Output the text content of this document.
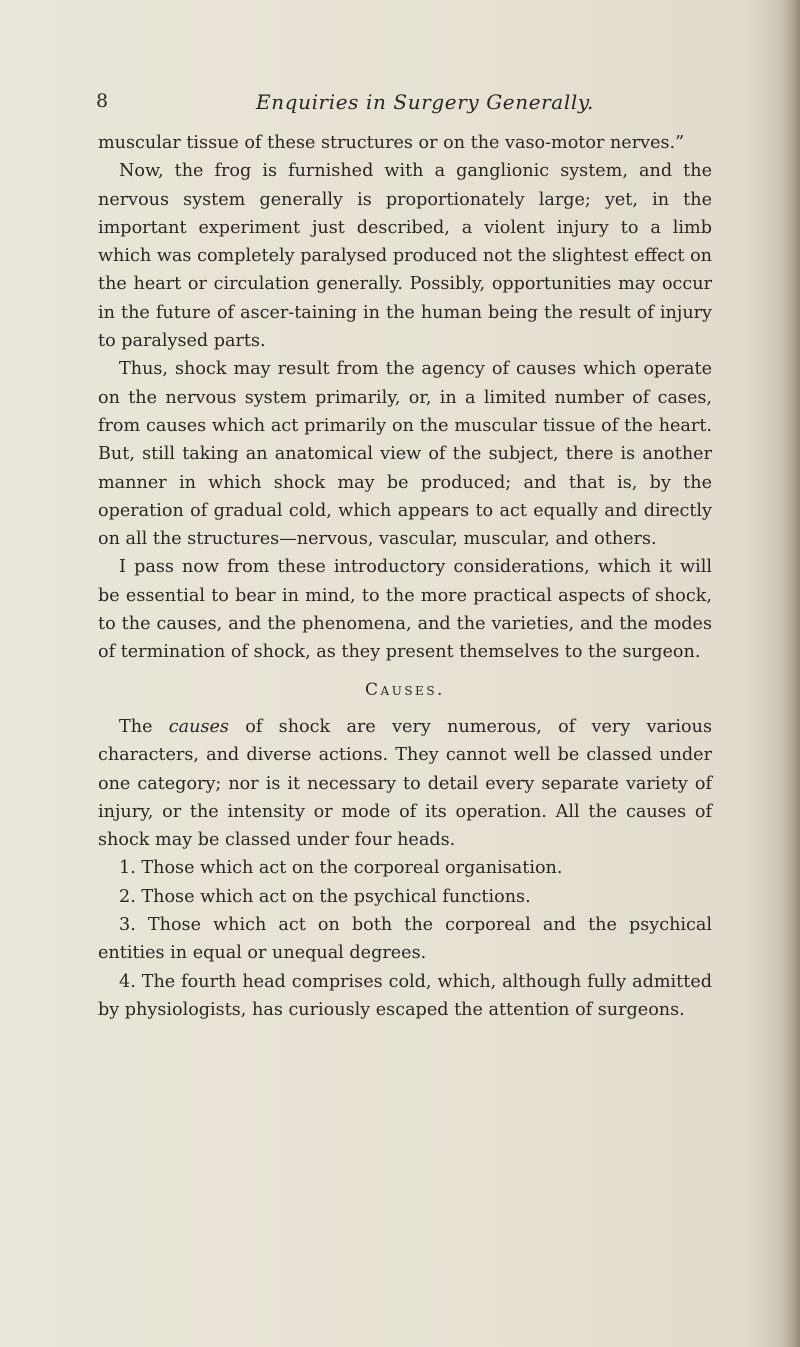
8	Enquiries in Surgery Generally.

muscular tissue of these structures or on the vaso-motor nerves.”

Now, the frog is furnished with a ganglionic system, and the nervous system generally is proportionately large; yet, in the important experiment just described, a violent injury to a limb which was completely paralysed produced not the slightest effect on the heart or circulation generally. Possibly, opportunities may occur in the future of ascer-taining in the human being the result of injury to paralysed parts.

Thus, shock may result from the agency of causes which operate on the nervous system primarily, or, in a limited number of cases, from causes which act primarily on the muscular tissue of the heart. But, still taking an anatomical view of the subject, there is another manner in which shock may be produced; and that is, by the operation of gradual cold, which appears to act equally and directly on all the structures—nervous, vascular, muscular, and others.

I pass now from these introductory considerations, which it will be essential to bear in mind, to the more practical aspects of shock, to the causes, and the phenomena, and the varieties, and the modes of termination of shock, as they present themselves to the surgeon.

Causes.

The causes of shock are very numerous, of very various characters, and diverse actions. They cannot well be classed under one category; nor is it necessary to detail every separate variety of injury, or the intensity or mode of its operation. All the causes of shock may be classed under four heads.

1. Those which act on the corporeal organisation.

2. Those which act on the psychical functions.

3. Those which act on both the corporeal and the psychical entities in equal or unequal degrees.

4. The fourth head comprises cold, which, although fully admitted by physiologists, has curiously escaped the attention of surgeons.
